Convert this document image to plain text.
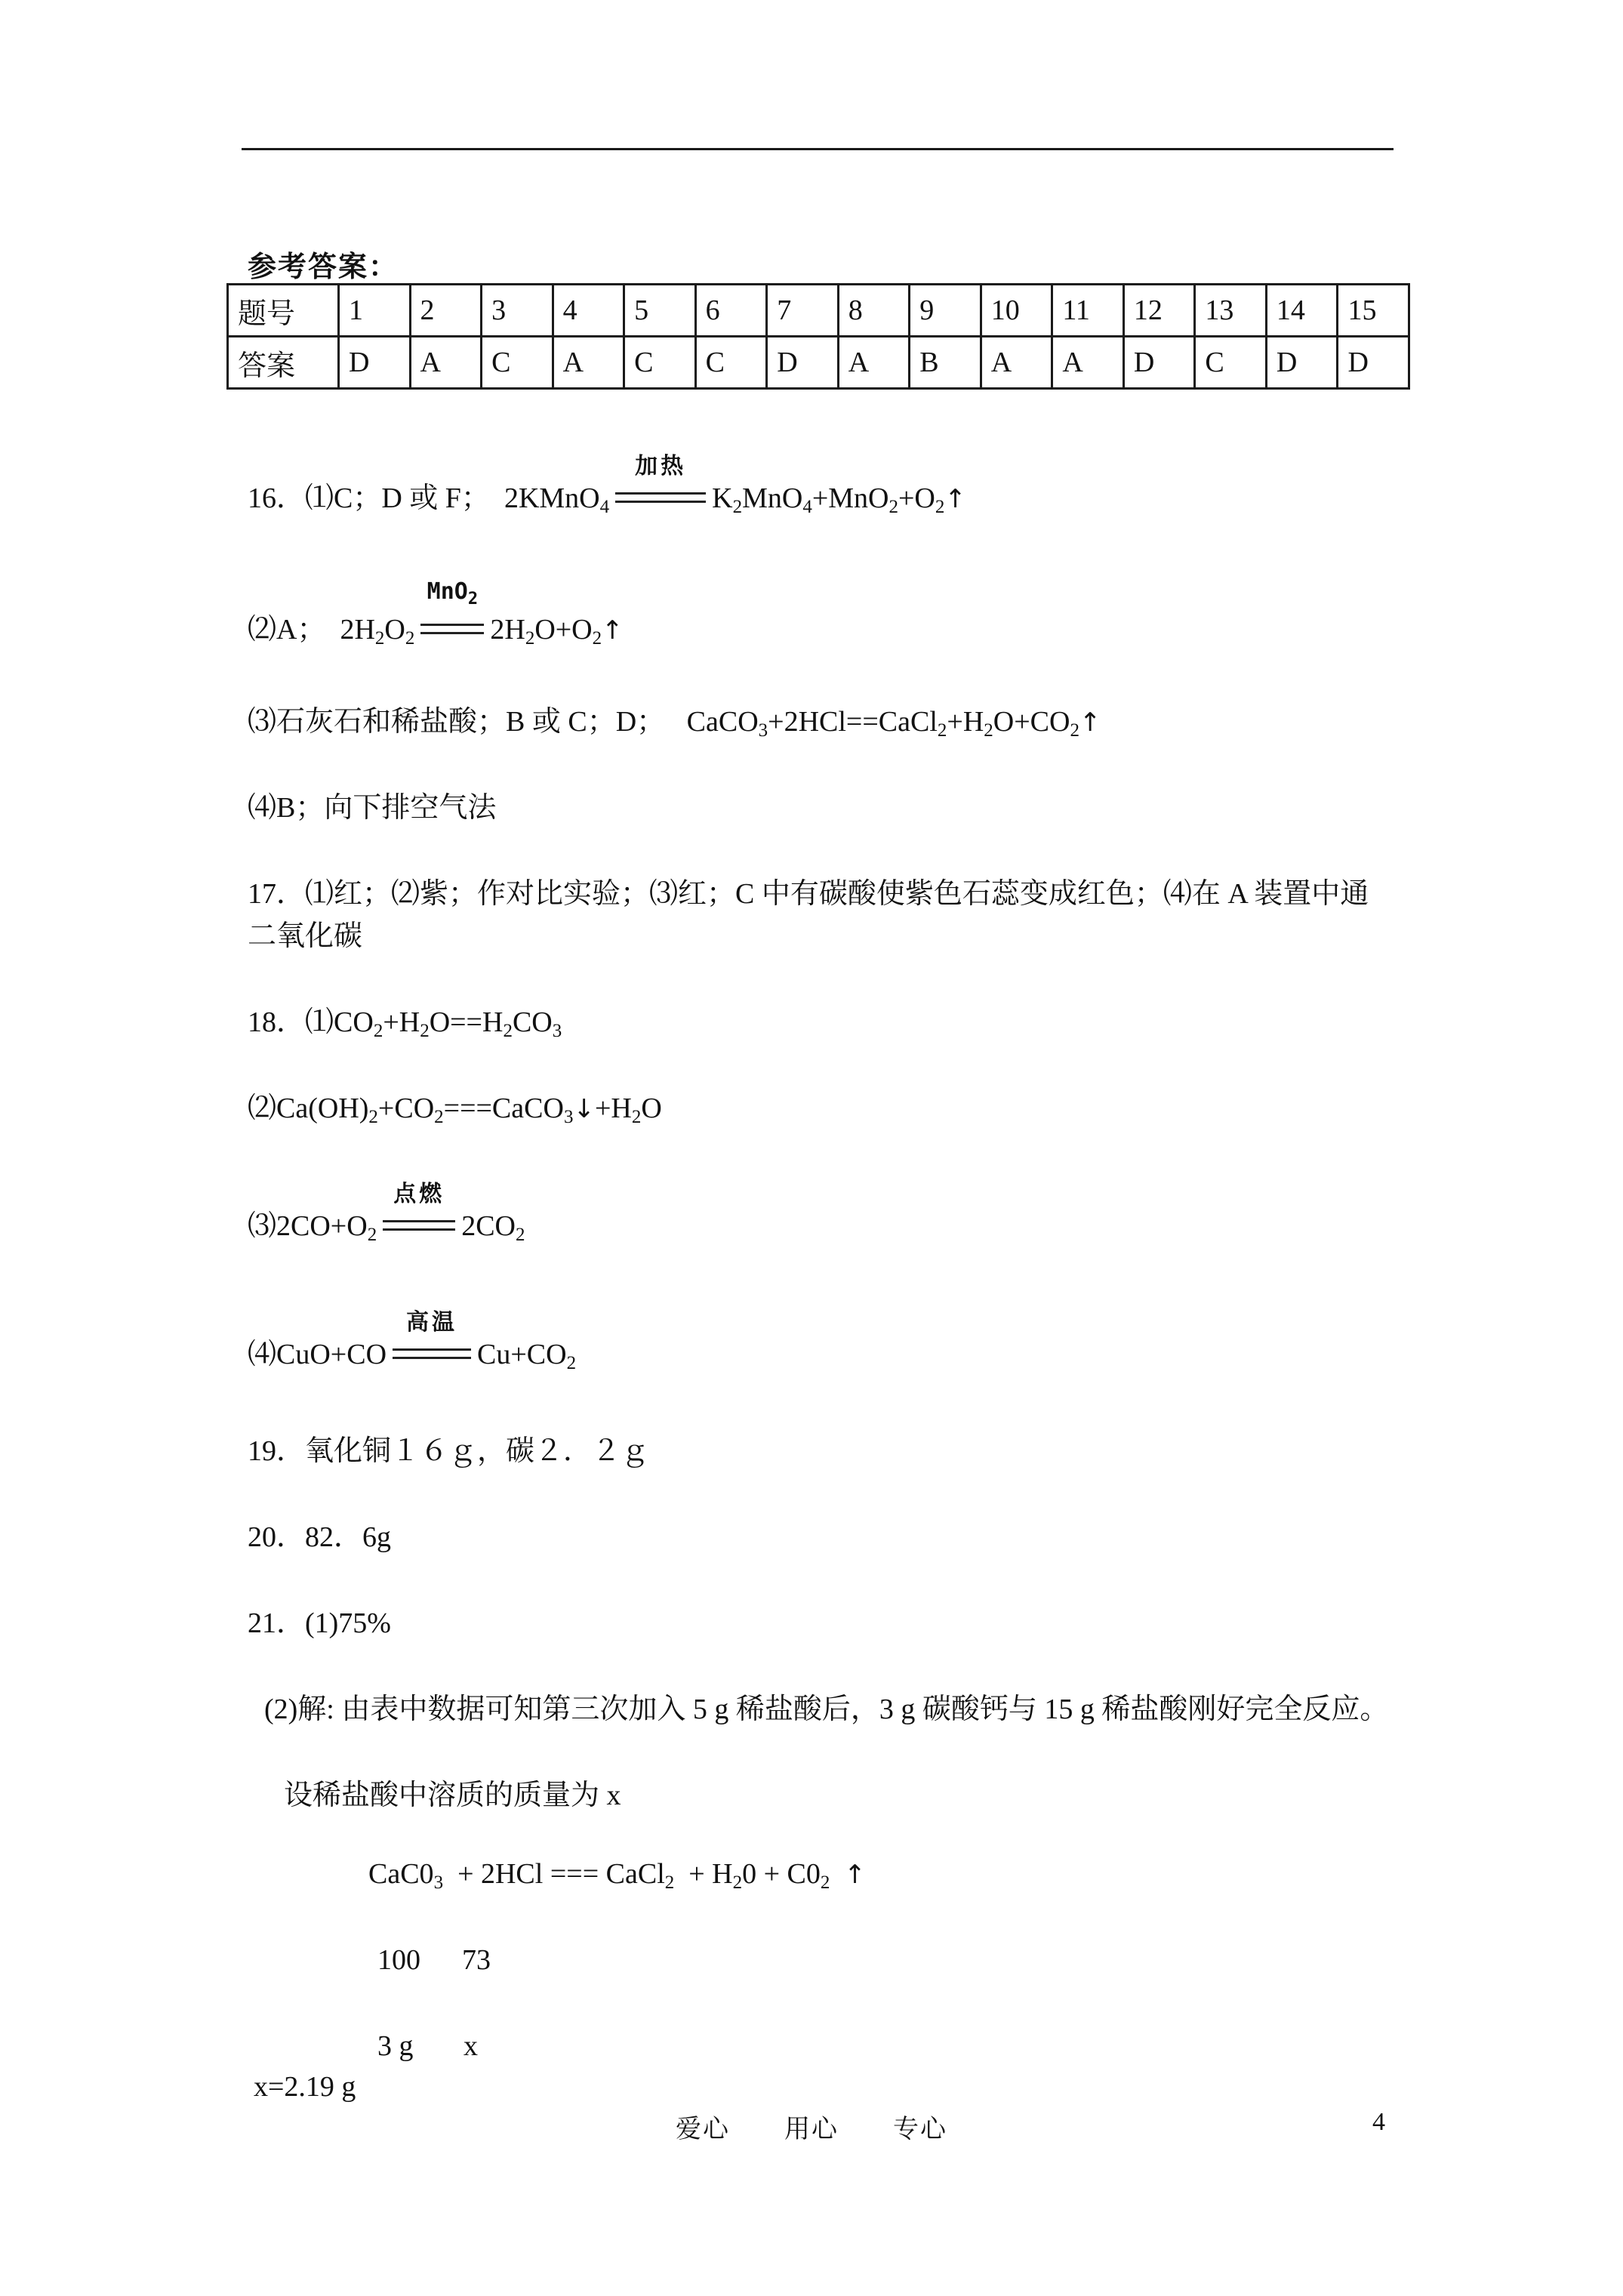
参考答案：
题号	1	2	3	4	5	6	7	8	9	10	11	12	13	14	15
答案	D	A	C	A	C	C	D	A	B	A	A	D	C	D	D
16．⑴C；D 或 F； 2KMnO$_4$
加热
$K_2MnO_4+MnO_2+O_2↑$
⑵A；  $2H_2O_2$
MnO$_2$
$2H_2O+O_2↑$
⑶石灰石和稀盐酸；B 或 C；D；   $CaCO_3+2HCl==CaCl_2+H_2O+CO_2↑$
⑷B；向下排空气法
17．⑴红；⑵紫；作对比实验；⑶红；C 中有碳酸使紫色石蕊变成红色；⑷在 A 装置中通
二氧化碳
18．$⑴CO_2+H_2O==H_2CO_3$
$⑵Ca(OH)_2+CO_2===CaCO_3↓+H_2O$
$⑶2CO+O_2$
点燃
$2CO_2$
⑷CuO+CO
高温
$Cu+CO_2$
19．氧化铜１６ｇ，碳２．２ｇ
20．82．6g
21．(1)75%
(2)解: 由表中数据可知第三次加入 5 g 稀盐酸后，3 g 碳酸钙与 15 g 稀盐酸刚好完全反应。
设稀盐酸中溶质的质量为 x
$CaC0_3 + 2HCl$ === CaCl$_2$  + $H_20 + C0_2$ ↑
100 73
3 g x
x=2.19 g
爱心　　用心　　专心	4
